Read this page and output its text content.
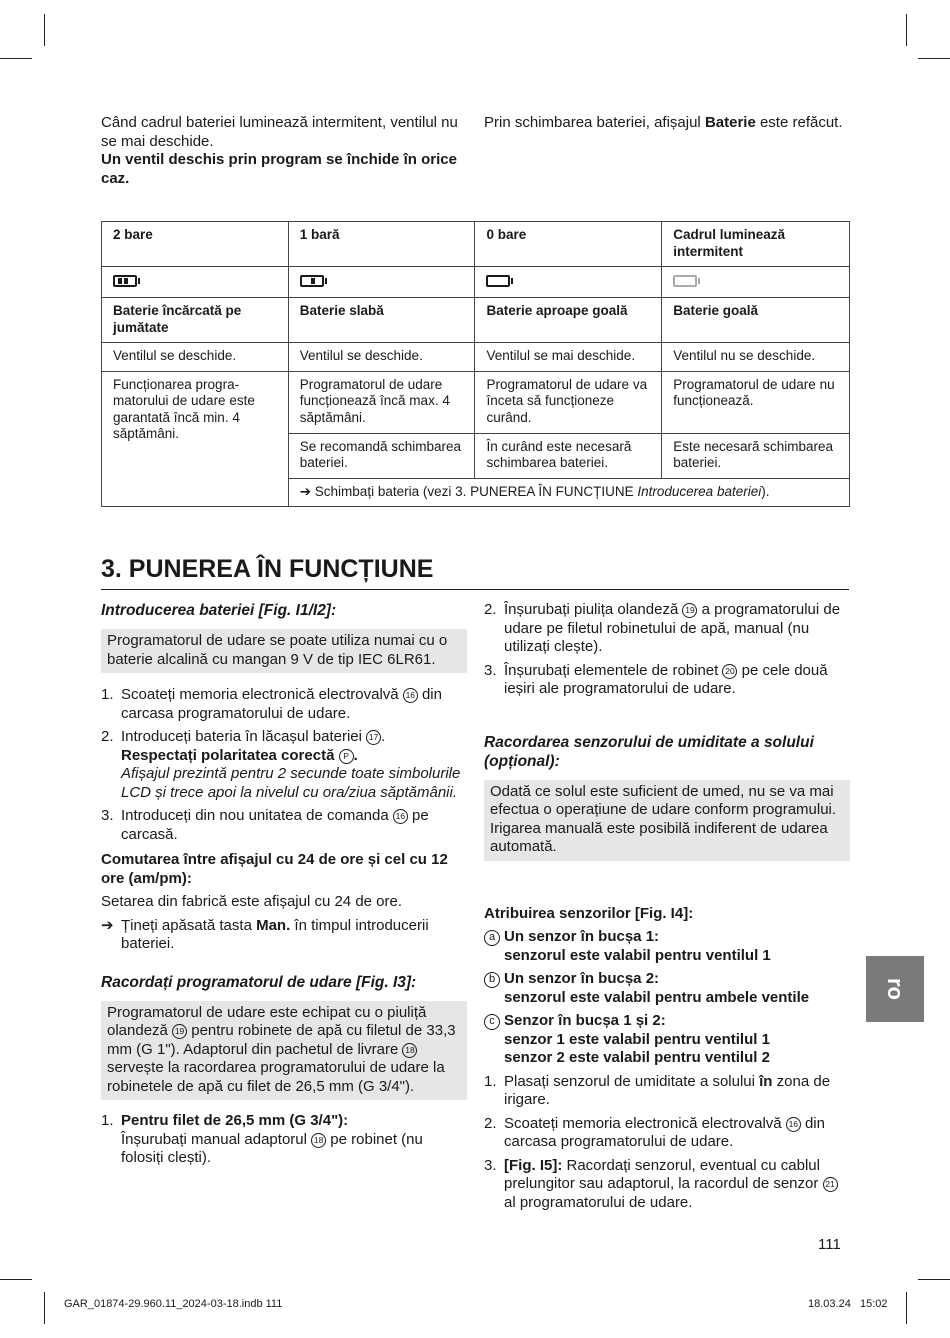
Când cadrul bateriei luminează intermitent, ventilul nu se mai deschide.

Un ventil deschis prin program se închide în orice caz.

Prin schimbarea bateriei, afișajul Baterie este refăcut.

2 bare	1 bară	0 bare	Cadrul luminează intermitent

Baterie încărcată pe jumătate	Baterie slabă	Baterie aproape goală	Baterie goală
Ventilul se deschide.	Ventilul se deschide.	Ventilul se mai deschide.	Ventilul nu se deschide.
Funcționarea programatorului de udare este garantată încă min. 4 săptămâni.	Programatorul de udare funcționează încă max. 4 săptămâni.	Programatorul de udare va înceta să funcționeze curând.	Programatorul de udare nu funcționează.
	Se recomandă schimbarea bateriei.	În curând este necesară schimbarea bateriei.	Este necesară schimbarea bateriei.
	➔ Schimbați bateria (vezi 3. PUNEREA ÎN FUNCȚIUNE Introducerea bateriei).		
3. PUNEREA ÎN FUNCȚIUNE
Introducerea bateriei [Fig. I1/I2]:
Programatorul de udare se poate utiliza numai cu o baterie alcalină cu mangan 9 V de tip IEC 6LR61.
1. Scoateți memoria electronică electrovalvă 16 din carcasa programatorului de udare.
2. Introduceți bateria în lăcașul bateriei 17 .
Respectați polaritatea corectă P .
Afișajul prezintă pentru 2 secunde toate simbolurile LCD și trece apoi la nivelul cu ora/ziua săptămânii.
3. Introduceți din nou unitatea de comanda 16 pe carcasă.
Comutarea între afișajul cu 24 de ore și cel cu 12 ore (am/pm):

Setarea din fabrică este afișajul cu 24 de ore.

➔ Țineți apăsată tasta Man. în timpul introducerii bateriei.
Racordați programatorul de udare [Fig. I3]:
Programatorul de udare este echipat cu o piuliță olandeză 19 pentru robinete de apă cu filetul de 33,3 mm (G 1"). Adaptorul din pachetul de livrare 18 servește la racordarea programatorului de udare la robinetele de apă cu filet de 26,5 mm (G 3/4").
1. Pentru filet de 26,5 mm (G 3/4"):
Înșurubați manual adaptorul 18 pe robinet (nu folosiți clești).
2. Înșurubați piulița olandeză 19 a programatorului de udare pe filetul robinetului de apă, manual (nu utilizați clește).
3. Înșurubați elementele de robinet 20 pe cele două ieșiri ale programatorului de udare.
Racordarea senzorului de umiditate a solului (opțional):
Odată ce solul este suficient de umed, nu se va mai efectua o operațiune de udare conform programului. Irigarea manuală este posibilă indiferent de udarea automată.
Atribuirea senzorilor [Fig. I4]:
a Un senzor în bucșa 1:
senzorul este valabil pentru ventilul 1
b Un senzor în bucșa 2:
senzorul este valabil pentru ambele ventile
c Senzor în bucșa 1 și 2:
senzor 1 este valabil pentru ventilul 1
senzor 2 este valabil pentru ventilul 2
1. Plasați senzorul de umiditate a solului în zona de irigare.
2. Scoateți memoria electronică electrovalvă 16 din carcasa programatorului de udare.
3. [Fig. I5]: Racordați senzorul, eventual cu cablul prelungitor sau adaptorul, la racordul de senzor 21 al programatorului de udare.
ro
111
GAR_01874-29.960.11_2024-03-18.indb 111	18.03.24   15:02
